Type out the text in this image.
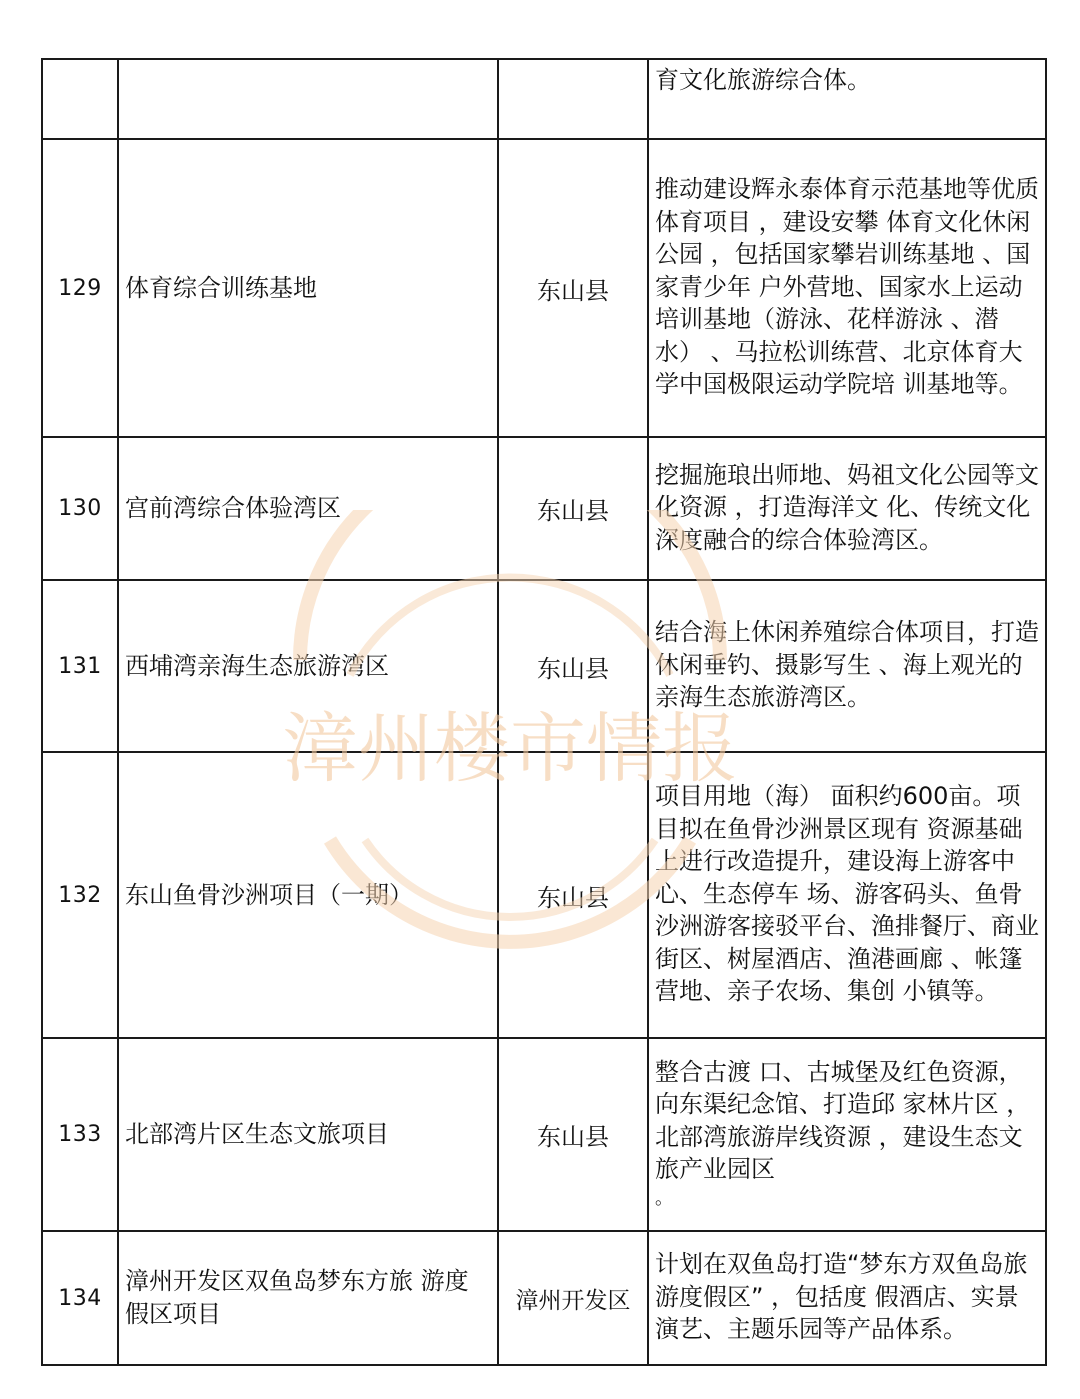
漳州楼市情报
			育文化旅游综合体。
129	体育综合训练基地	东山县	推动建设辉永泰体育示范基地等优质体育项目 ，建设安攀 体育文化休闲公园 ，包括国家攀岩训练基地 、国家青少年 户外营地、国家水上运动培训基地（游泳、花样游泳 、潜 水） 、马拉松训练营、北京体育大学中国极限运动学院培 训基地等。
130	宫前湾综合体验湾区	东山县	挖掘施琅出师地、妈祖文化公园等文化资源 ，打造海洋文 化、传统文化深度融合的综合体验湾区。
131	西埔湾亲海生态旅游湾区	东山县	结合海上休闲养殖综合体项目，打造休闲垂钓、摄影写生 、海上观光的亲海生态旅游湾区。
132	东山鱼骨沙洲项目（一期）	东山县	项目用地（海） 面积约600亩。项目拟在鱼骨沙洲景区现有 资源基础上进行改造提升，建设海上游客中心、生态停车 场、游客码头、鱼骨沙洲游客接驳平台、渔排餐厅、商业 街区、树屋酒店、渔港画廊 、帐篷营地、亲子农场、集创 小镇等。
133	北部湾片区生态文旅项目	东山县	整合古渡 口、古城堡及红色资源，向东渠纪念馆、打造邱 家林片区 ，北部湾旅游岸线资源 ，建设生态文旅产业园区
。

134	漳州开发区双鱼岛梦东方旅 游度假区项目	漳州开发区	计划在双鱼岛打造“梦东方双鱼岛旅游度假区” ，包括度 假酒店、实景演艺、主题乐园等产品体系。
